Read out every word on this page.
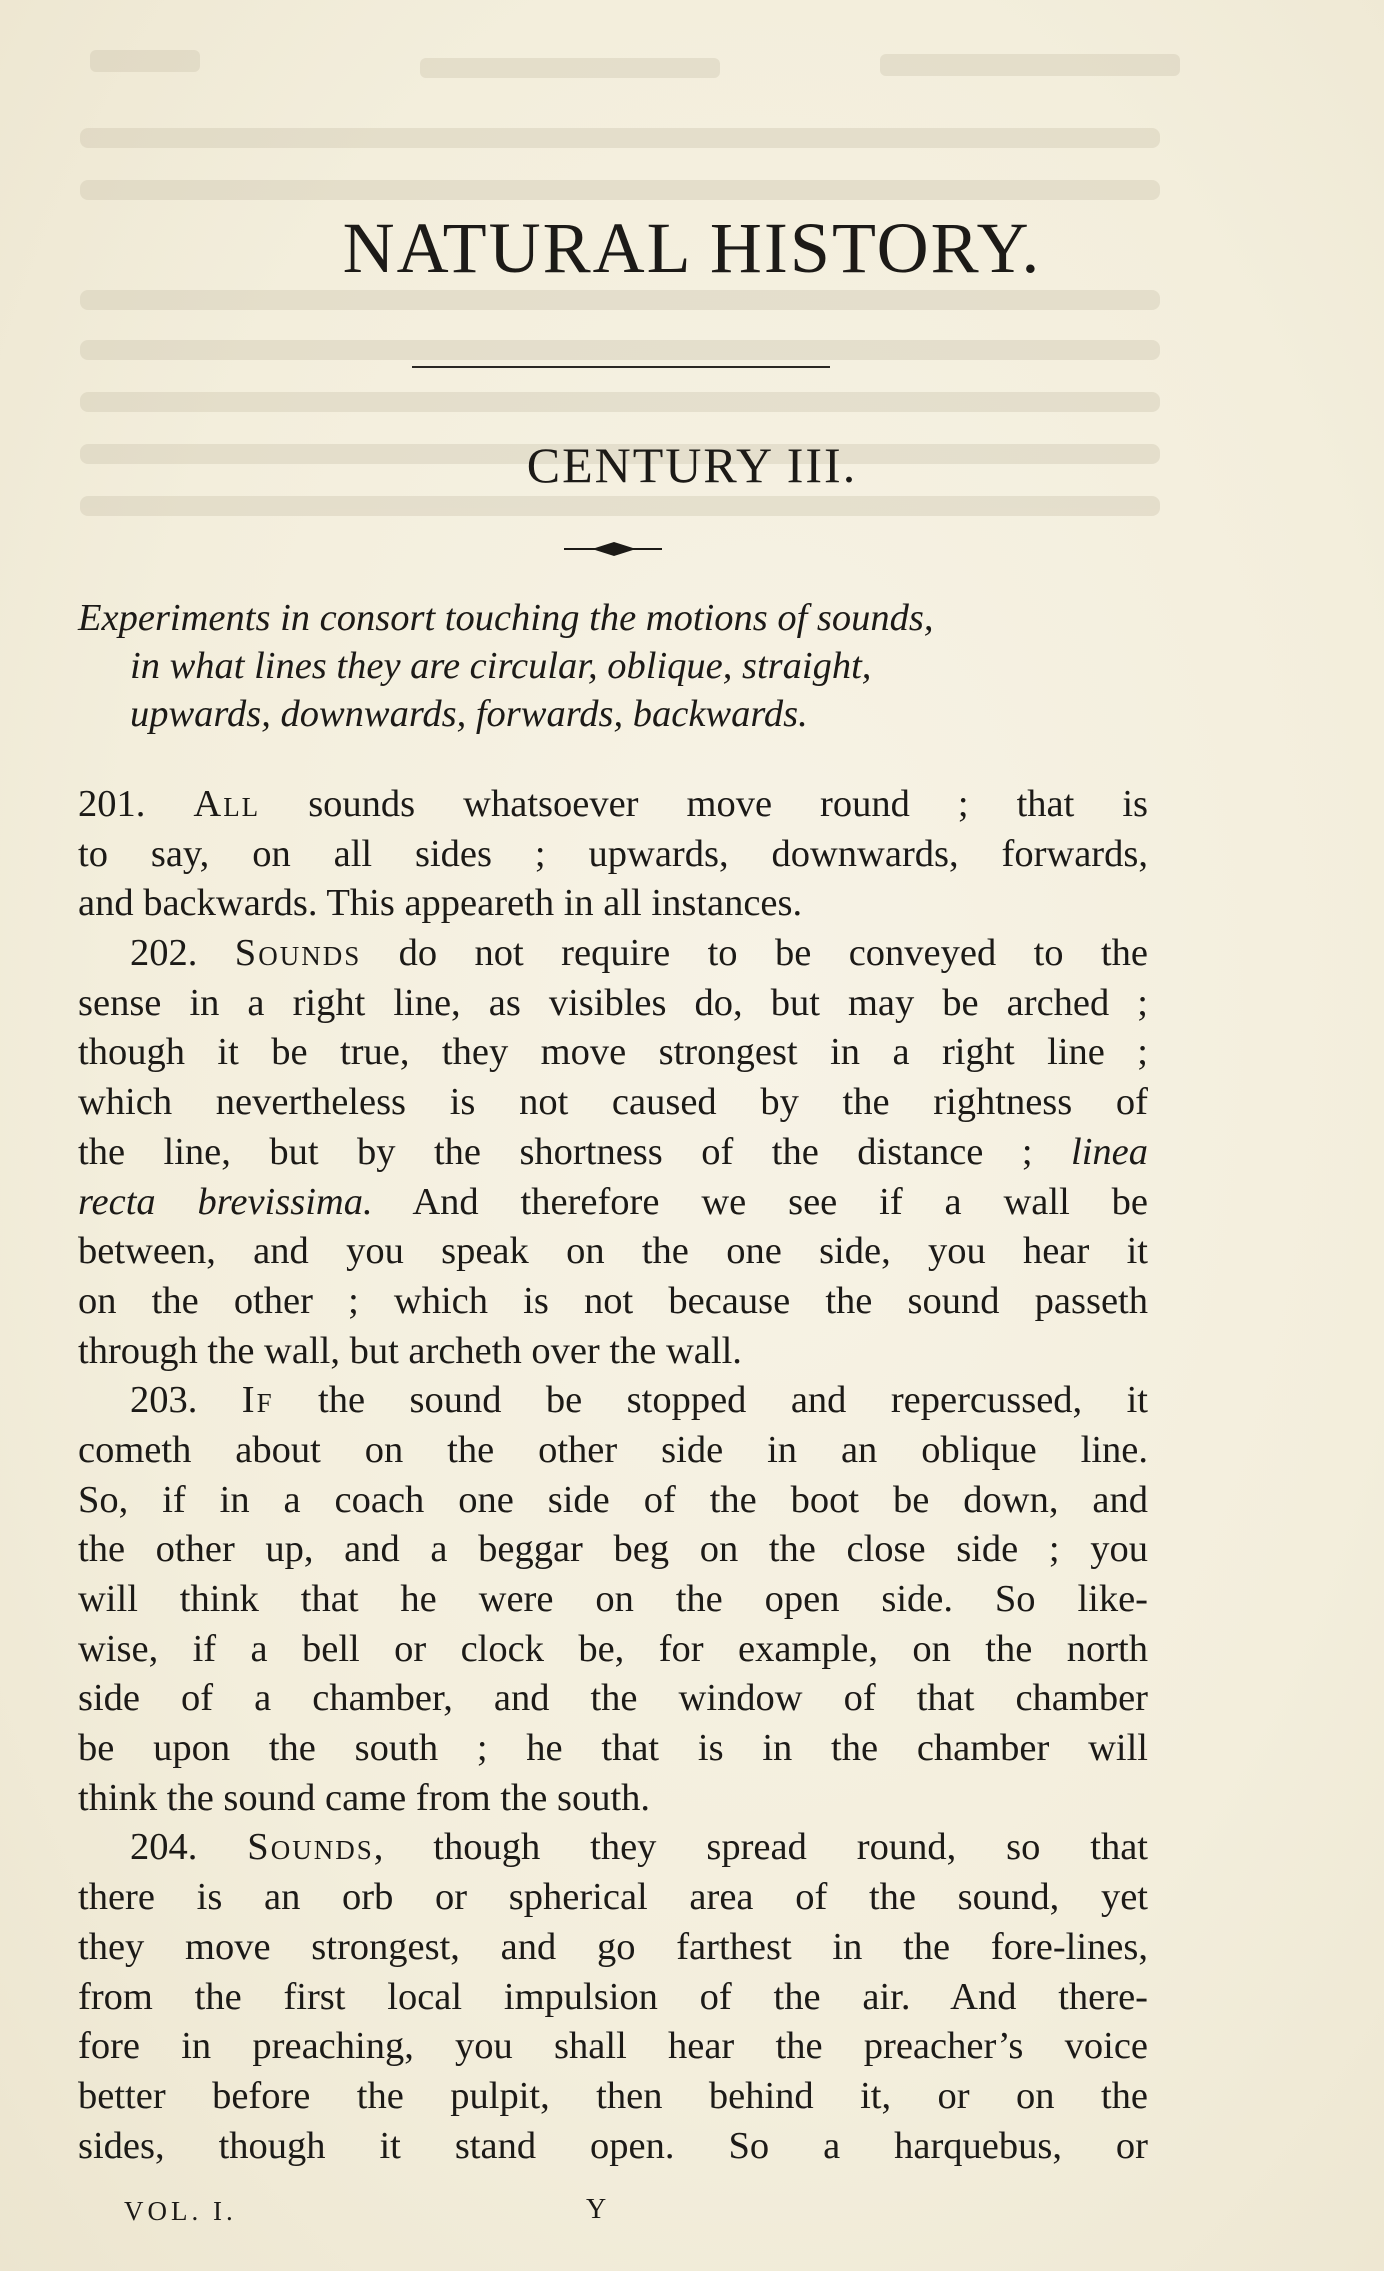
NATURAL HISTORY.
CENTURY III.

Experiments in consort touching the motions of sounds,
in what lines they are circular, oblique, straight,
upwards, downwards, forwards, backwards.

201. All sounds whatsoever move round ; that is
to say, on all sides ; upwards, downwards, forwards,
and backwards. This appeareth in all instances.
202. Sounds do not require to be conveyed to the
sense in a right line, as visibles do, but may be arched ;
though it be true, they move strongest in a right line ;
which nevertheless is not caused by the rightness of
the line, but by the shortness of the distance ; linea
recta brevissima. And therefore we see if a wall be
between, and you speak on the one side, you hear it
on the other ; which is not because the sound passeth
through the wall, but archeth over the wall.
203. If the sound be stopped and repercussed, it
cometh about on the other side in an oblique line.
So, if in a coach one side of the boot be down, and
the other up, and a beggar beg on the close side ; you
will think that he were on the open side. So like-
wise, if a bell or clock be, for example, on the north
side of a chamber, and the window of that chamber
be upon the south ; he that is in the chamber will
think the sound came from the south.
204. Sounds, though they spread round, so that
there is an orb or spherical area of the sound, yet
they move strongest, and go farthest in the fore-lines,
from the first local impulsion of the air. And there-
fore in preaching, you shall hear the preacher’s voice
better before the pulpit, then behind it, or on the
sides, though it stand open. So a harquebus, or
VOL. I.	Y
